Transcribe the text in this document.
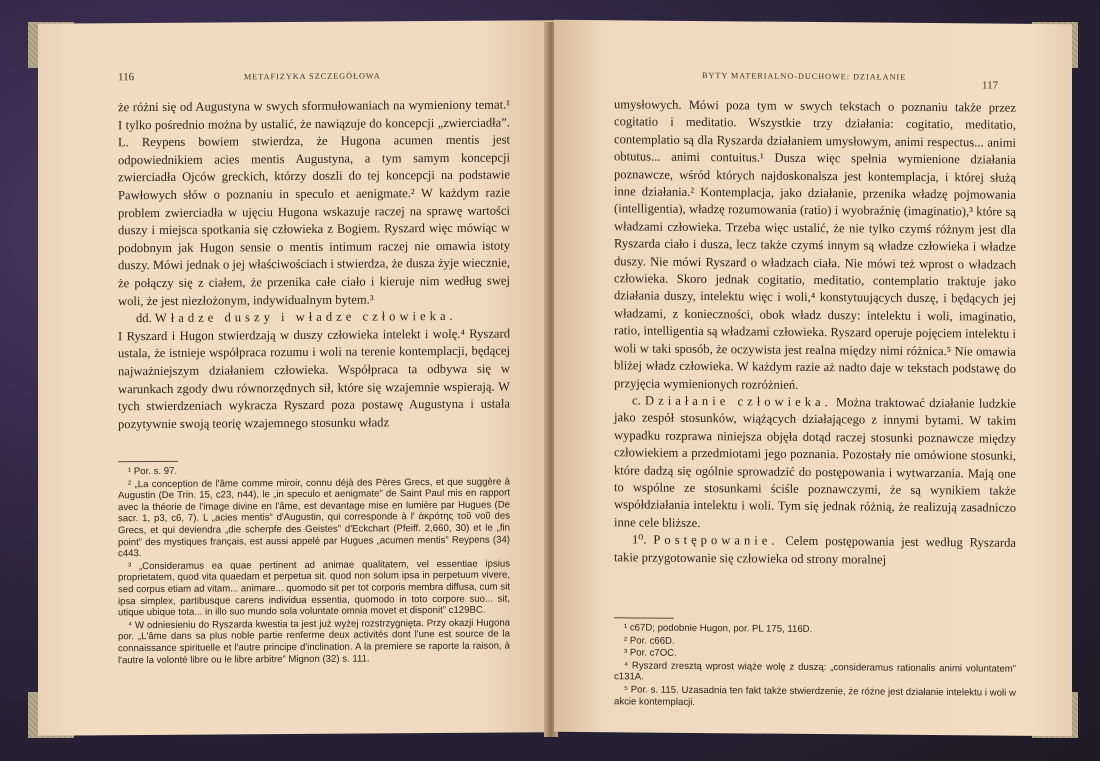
116	METAFIZYKA SZCZEGÓŁOWA

że różni się od Augustyna w swych sformułowaniach na wymieniony temat.¹ I tylko pośrednio można by ustalić, że nawiązuje do koncepcji „zwierciadła”. L. Reypens bowiem stwierdza, że Hugona acumen mentis jest odpowiednikiem acies mentis Augustyna, a tym samym koncepcji zwierciadła Ojców greckich, którzy doszli do tej koncepcji na podstawie Pawłowych słów o poznaniu in speculo et aenigmate.² W każdym razie problem zwierciadła w ujęciu Hugona wskazuje raczej na sprawę wartości duszy i miejsca spotkania się człowieka z Bogiem. Ryszard więc mówiąc w podobnym jak Hugon sensie o mentis intimum raczej nie omawia istoty duszy. Mówi jednak o jej właściwościach i stwierdza, że dusza żyje wiecznie, że połączy się z ciałem, że przenika całe ciało i kieruje nim według swej woli, że jest niezłożonym, indywidualnym bytem.³

dd. Władze duszy i władze człowieka.

I Ryszard i Hugon stwierdzają w duszy człowieka intelekt i wolę.⁴ Ryszard ustala, że istnieje współpraca rozumu i woli na terenie kontemplacji, będącej najważniejszym działaniem człowieka. Współpraca ta odbywa się w warunkach zgody dwu równorzędnych sił, które się wzajemnie wspierają. W tych stwierdzeniach wykracza Ryszard poza postawę Augustyna i ustala pozytywnie swoją teorię wzajemnego stosunku władz

¹ Por. s. 97.
² „La conception de l'âme comme miroir, connu déjà des Pères Grecs, et que suggère à Augustin (De Trin. 15, c23, n44), le „in speculo et aenigmate” de Saint Paul mis en rapport avec la théorie de l'image divine en l'âme, est devantage mise en lumière par Hugues (De sacr. 1, p3, c6, 7). L „acies mentis” d'Augustin, qui corresponde à l' ἀκρότης τοῦ νοῦ des Grecs, et qui deviendra „die scherpfe des Geistes” d'Eckchart (Pfeiff. 2,660, 30) et le „fin point” des mystiques français, est aussi appelé par Hugues „acumen mentis” Reypens (34) c443.
³ „Consideramus ea quae pertinent ad animae qualitatem, vel essentiae ipsius proprietatem, quod vita quaedam et perpetua sit. quod non solum ipsa in perpetuum vivere, sed corpus etiam ad vitam... animare... quomodo sit per tot corporis membra diffusa, cum sit ipsa simplex, partibusque carens individua essentia, quomodo in toto corpore suo... sit, utique ubique tota... in illo suo mundo sola voluntate omnia movet et disponit” c129BC.
⁴ W odniesieniu do Ryszarda kwestia ta jest już wyżej rozstrzygnięta. Przy okazji Hugona por. „L'âme dans sa plus noble partie renferme deux activités dont l'une est source de la connaissance spirituelle et l'autre principe d'inclination. A la premiere se raporte la raison, à l'autre la volonté libre ou le libre arbitre” Mignon (32) s. 111.
BYTY MATERIALNO-DUCHOWE: DZIAŁANIE
117

umysłowych. Mówi poza tym w swych tekstach o poznaniu także przez cogitatio i meditatio. Wszystkie trzy działania: cogitatio, meditatio, contemplatio są dla Ryszarda działaniem umysłowym, animi respectus... animi obtutus... animi contuitus.¹ Dusza więc spełnia wymienione działania poznawcze, wśród których najdoskonalsza jest kontemplacja, i której służą inne działania.² Kontemplacja, jako działanie, przenika władzę pojmowania (intelligentia), władzę rozumowania (ratio) i wyobraźnię (imaginatio),³ które są władzami człowieka. Trzeba więc ustalić, że nie tylko czymś różnym jest dla Ryszarda ciało i dusza, lecz także czymś innym są władze człowieka i władze duszy. Nie mówi Ryszard o władzach ciała. Nie mówi też wprost o władzach człowieka. Skoro jednak cogitatio, meditatio, contemplatio traktuje jako działania duszy, intelektu więc i woli,⁴ konstytuujących duszę, i będących jej władzami, z konieczności, obok władz duszy: intelektu i woli, imaginatio, ratio, intelligentia są władzami człowieka. Ryszard operuje pojęciem intelektu i woli w taki sposób, że oczywista jest realna między nimi różnica.⁵ Nie omawia bliżej władz człowieka. W każdym razie aż nadto daje w tekstach podstawę do przyjęcia wymienionych rozróżnień.

c. Działanie człowieka. Można traktować działanie ludzkie jako zespół stosunków, wiążących działającego z innymi bytami. W takim wypadku rozprawa niniejsza objęła dotąd raczej stosunki poznawcze między człowiekiem a przedmiotami jego poznania. Pozostały nie omówione stosunki, które dadzą się ogólnie sprowadzić do postępowania i wytwarzania. Mają one to wspólne ze stosunkami ściśle poznawczymi, że są wynikiem także współdziałania intelektu i woli. Tym się jednak różnią, że realizują zasadniczo inne cele bliższe.

1⁰. Postępowanie. Celem postępowania jest według Ryszarda takie przygotowanie się człowieka od strony moralnej

¹ c67D; podobnie Hugon, por. PL 175, 116D.
² Por. c66D.
³ Por. c7OC.
⁴ Ryszard zresztą wprost wiąże wolę z duszą: „consideramus rationalis animi voluntatem” c131A.
⁵ Por. s. 115. Uzasadnia ten fakt także stwierdzenie, że różne jest działanie intelektu i woli w akcie kontemplacji.
